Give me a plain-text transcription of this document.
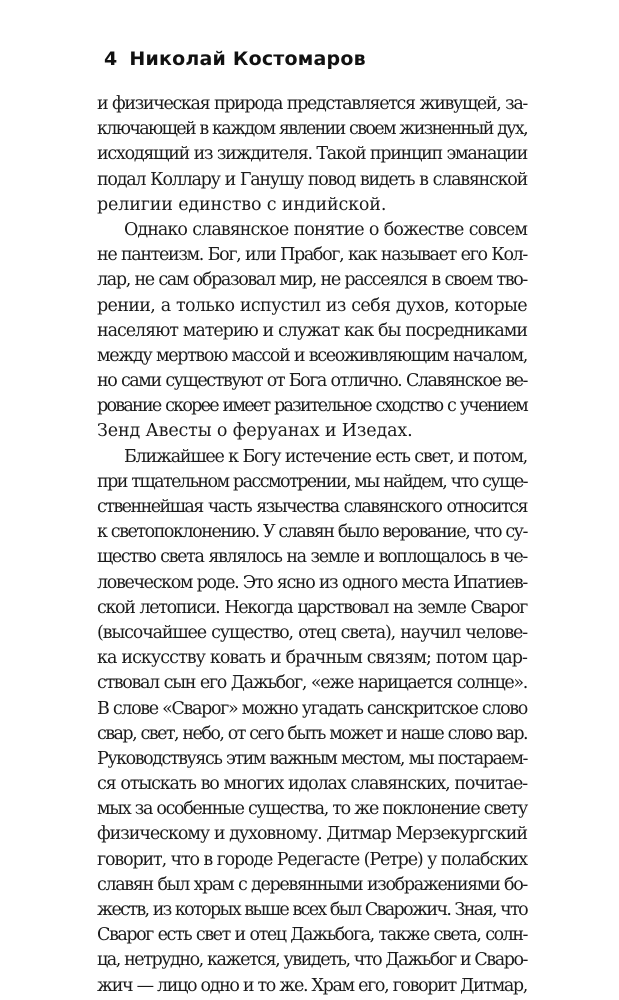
4 Николай Костомаров

и физическая природа представляется живущей, за-
ключающей в каждом явлении своем жизненный дух,
исходящий из зиждителя. Такой принцип эманации
подал Коллару и Ганушу повод видеть в славянской
религии единство с индийской.

Однако славянское понятие о божестве совсем
не пантеизм. Бог, или Прабог, как называет его Кол-
лар, не сам образовал мир, не рассеялся в своем тво-
рении, а только испустил из себя духов, которые
населяют материю и служат как бы посредниками
между мертвою массой и всеоживляющим началом,
но сами существуют от Бога отлично. Славянское ве-
рование скорее имеет разительное сходство с учением
Зенд Авесты о феруанах и Изедах.

Ближайшее к Богу истечение есть свет, и потом,
при тщательном рассмотрении, мы найдем, что суще-
ственнейшая часть язычества славянского относится
к светопоклонению. У славян было верование, что су-
щество света являлось на земле и воплощалось в че-
ловеческом роде. Это ясно из одного места Ипатиев-
ской летописи. Некогда царствовал на земле Сварог
(высочайшее существо, отец света), научил челове-
ка искусству ковать и брачным связям; потом цар-
ствовал сын его Дажьбог, «еже нарицается солнце».
В слове «Сварог» можно угадать санскритское слово
свар, свет, небо, от сего быть может и наше слово вар.
Руководствуясь этим важным местом, мы постараем-
ся отыскать во многих идолах славянских, почитае-
мых за особенные существа, то же поклонение свету
физическому и духовному. Дитмар Мерзекургский
говорит, что в городе Редегасте (Ретре) у полабских
славян был храм с деревянными изображениями бо-
жеств, из которых выше всех был Сварожич. Зная, что
Сварог есть свет и отец Дажьбога, также света, солн-
ца, нетрудно, кажется, увидеть, что Дажьбог и Сваро-
жич — лицо одно и то же. Храм его, говорит Дитмар,
